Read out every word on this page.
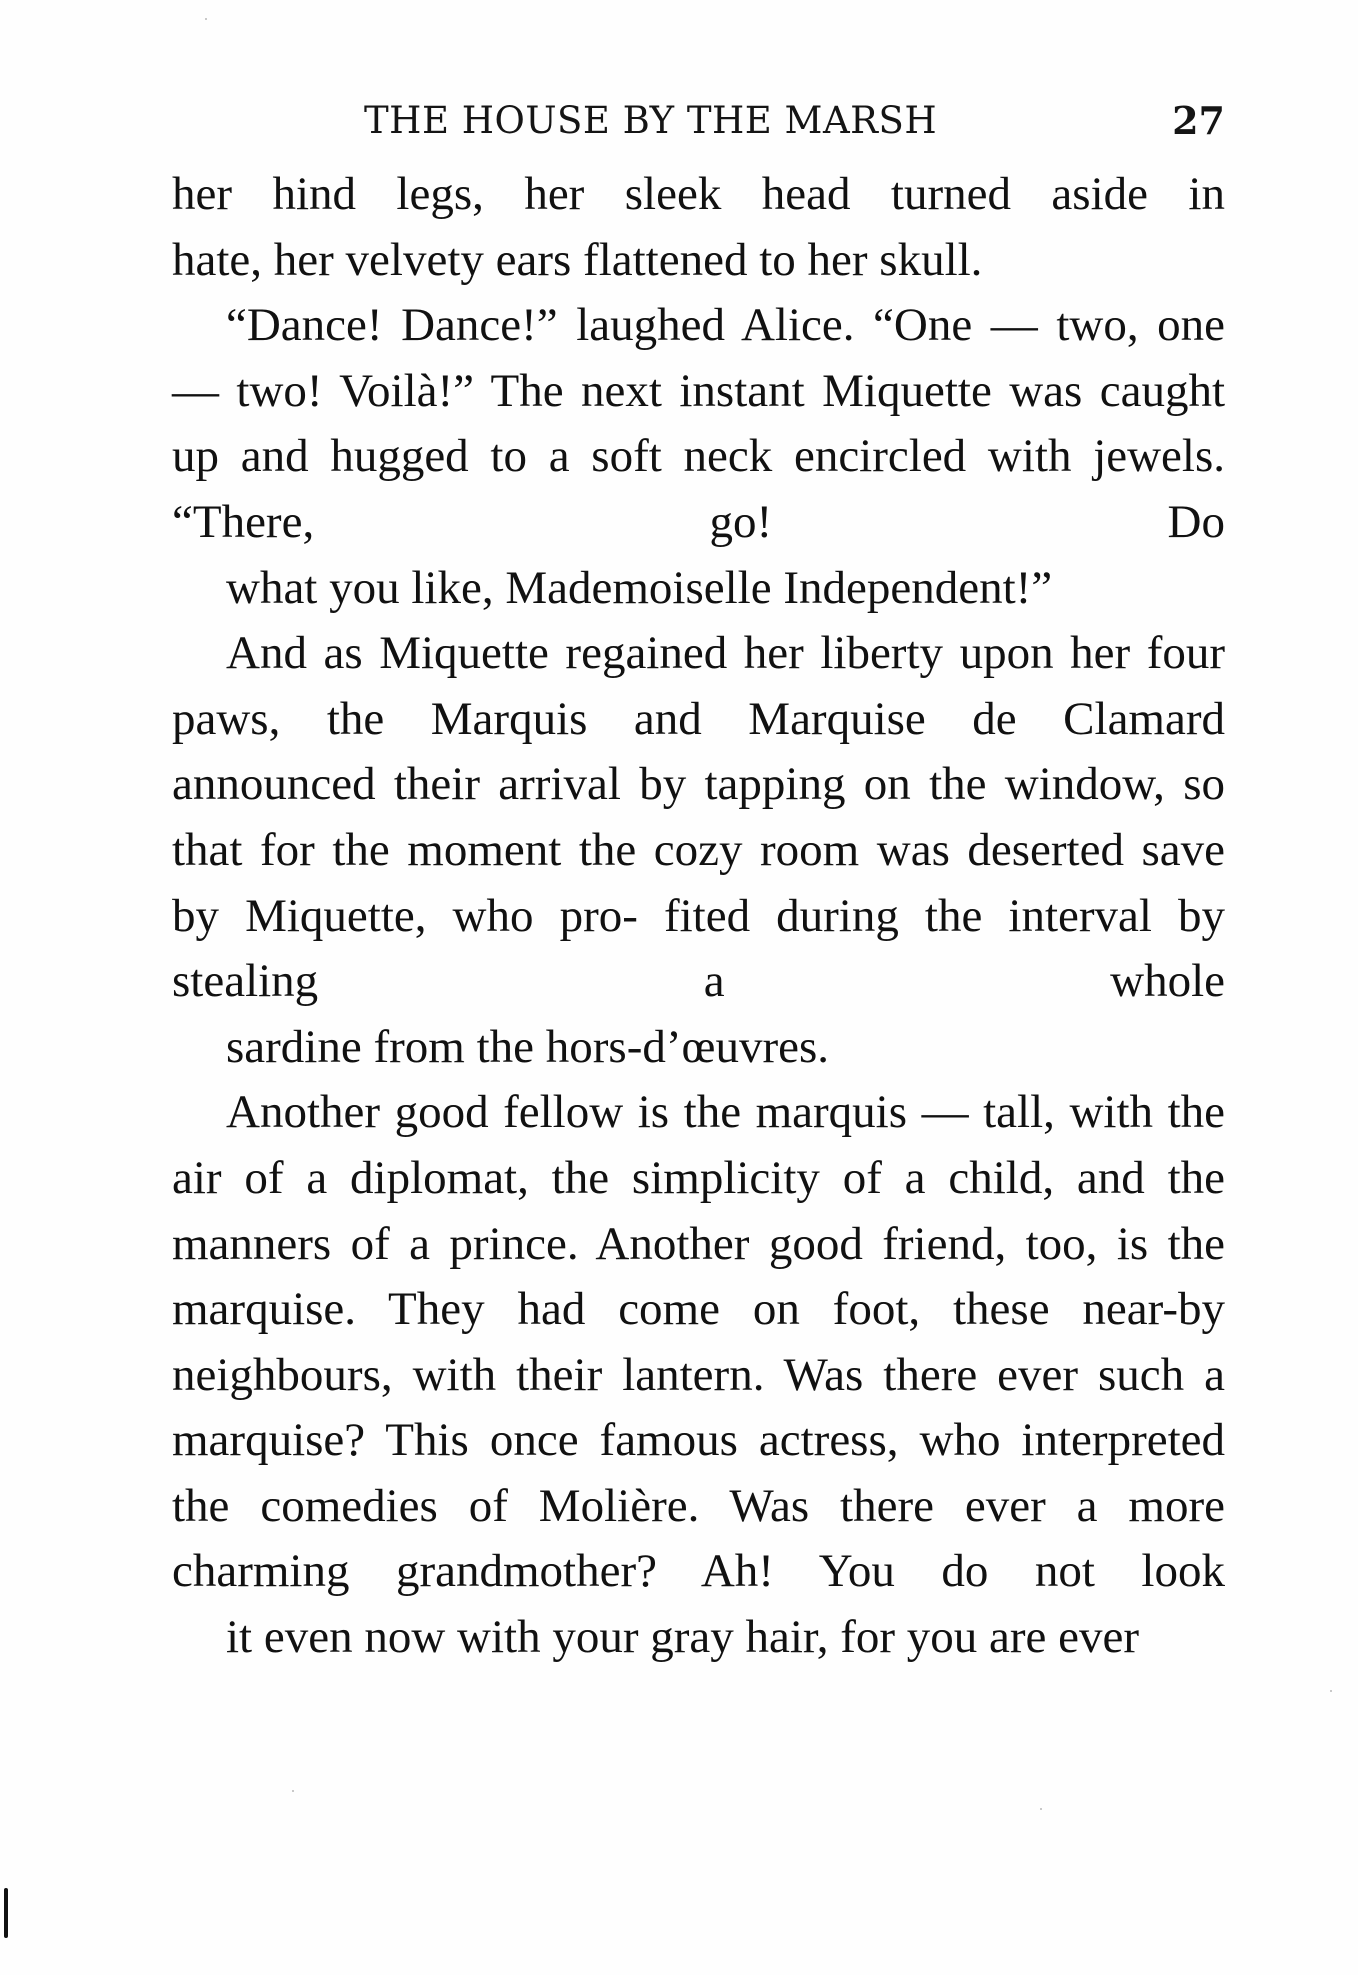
THE HOUSE BY THE MARSH	27

her hind legs, her sleek head turned aside in
hate, her velvety ears flattened to her skull.

“Dance! Dance!” laughed Alice. “One — two, one — two! Voilà!” The next instant Miquette was caught up and hugged to a soft neck encircled with jewels. “There, go! Do
what you like, Mademoiselle Independent!”

And as Miquette regained her liberty upon her four paws, the Marquis and Marquise de Clamard announced their arrival by tapping on the window, so that for the moment the cozy room was deserted save by Miquette, who pro- fited during the interval by stealing a whole
sardine from the hors-d’œuvres.

Another good fellow is the marquis — tall, with the air of a diplomat, the simplicity of a child, and the manners of a prince. Another good friend, too, is the marquise. They had come on foot, these near-by neighbours, with their lantern. Was there ever such a marquise? This once famous actress, who interpreted the comedies of Molière. Was there ever a more charming grandmother? Ah! You do not look
it even now with your gray hair, for you are ever
